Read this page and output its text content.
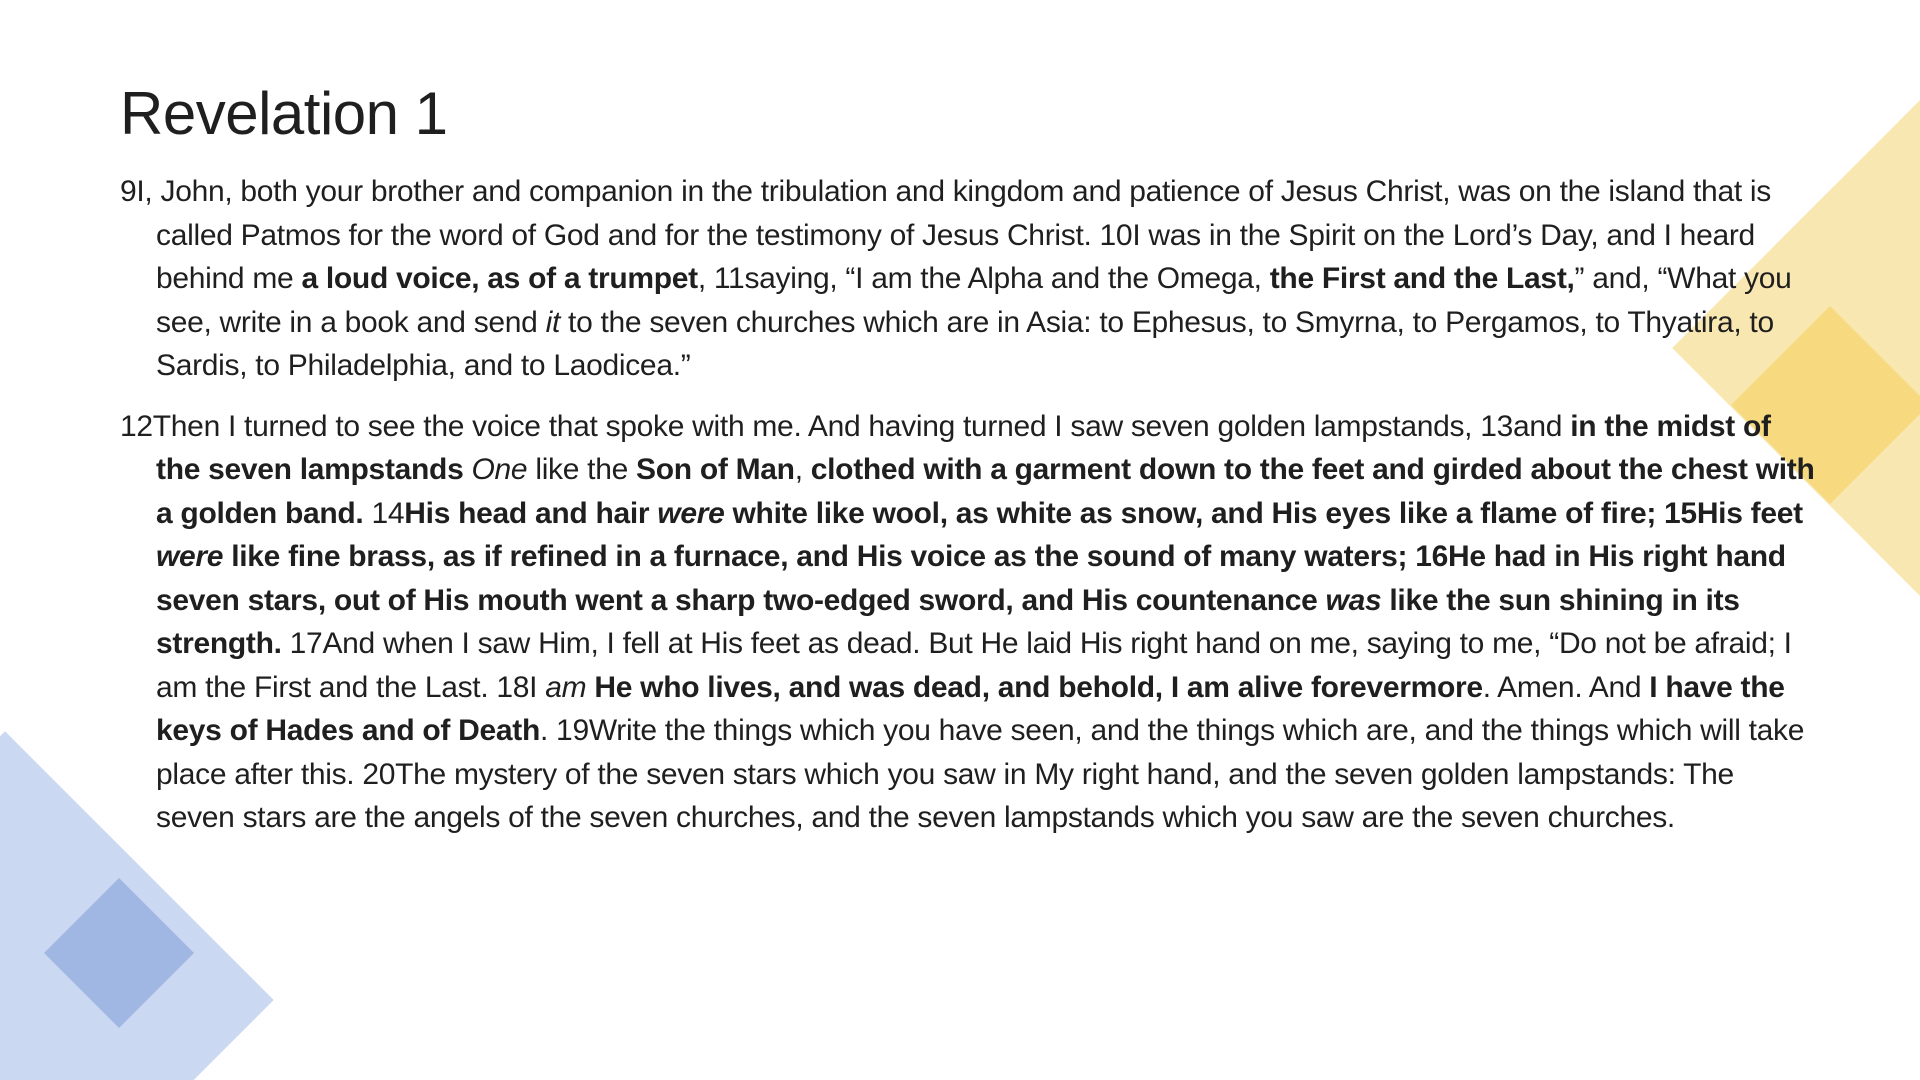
Revelation 1

9I, John, both your brother and companion in the tribulation and kingdom and patience of Jesus Christ, was on the island that is called Patmos for the word of God and for the testimony of Jesus Christ. 10I was in the Spirit on the Lord’s Day, and I heard behind me a loud voice, as of a trumpet, 11saying, “I am the Alpha and the Omega, the First and the Last,” and, “What you see, write in a book and send it to the seven churches which are in Asia: to Ephesus, to Smyrna, to Pergamos, to Thyatira, to Sardis, to Philadelphia, and to Laodicea.”

12Then I turned to see the voice that spoke with me. And having turned I saw seven golden lampstands, 13and in the midst of the seven lampstands One like the Son of Man, clothed with a garment down to the feet and girded about the chest with a golden band. 14His head and hair were white like wool, as white as snow, and His eyes like a flame of fire; 15His feet were like fine brass, as if refined in a furnace, and His voice as the sound of many waters; 16He had in His right hand seven stars, out of His mouth went a sharp two-edged sword, and His countenance was like the sun shining in its strength. 17And when I saw Him, I fell at His feet as dead. But He laid His right hand on me, saying to me, “Do not be afraid; I am the First and the Last. 18I am He who lives, and was dead, and behold, I am alive forevermore. Amen. And I have the keys of Hades and of Death. 19Write the things which you have seen, and the things which are, and the things which will take place after this. 20The mystery of the seven stars which you saw in My right hand, and the seven golden lampstands: The seven stars are the angels of the seven churches, and the seven lampstands which you saw are the seven churches.
